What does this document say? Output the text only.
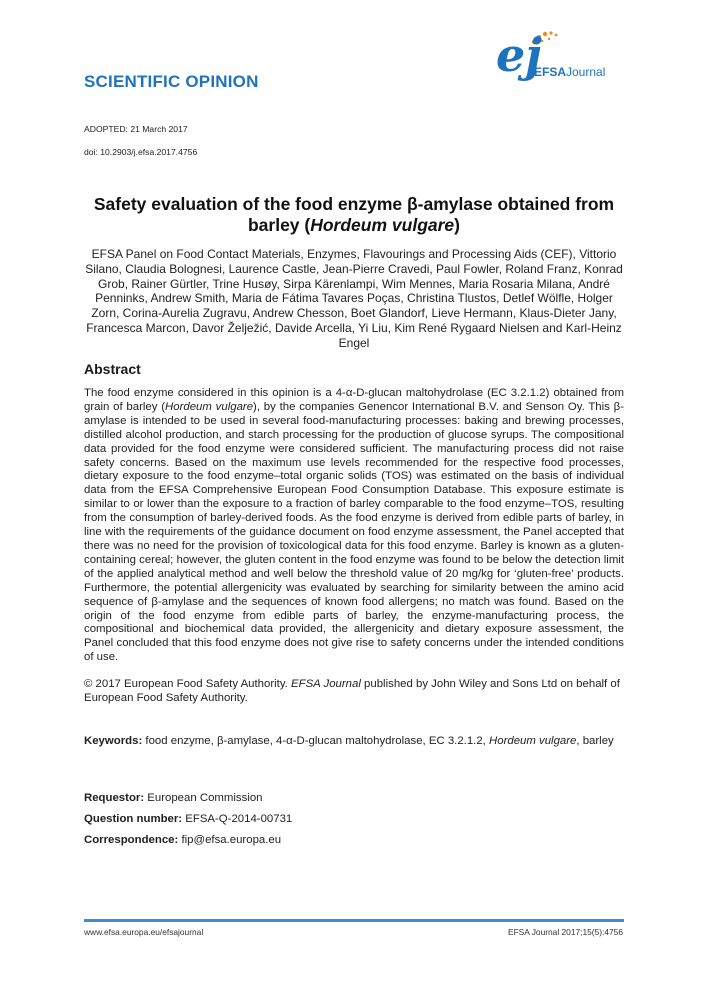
SCIENTIFIC OPINION	ej
EFSA Journal
ADOPTED: 21 March 2017
doi: 10.2903/j.efsa.2017.4756
Safety evaluation of the food enzyme β-amylase obtained from barley (Hordeum vulgare)
EFSA Panel on Food Contact Materials, Enzymes, Flavourings and Processing Aids (CEF), Vittorio Silano, Claudia Bolognesi, Laurence Castle, Jean-Pierre Cravedi, Paul Fowler, Roland Franz, Konrad Grob, Rainer Gürtler, Trine Husøy, Sirpa Kärenlampi, Wim Mennes, Maria Rosaria Milana, André Penninks, Andrew Smith, Maria de Fátima Tavares Poças, Christina Tlustos, Detlef Wölfle, Holger Zorn, Corina-Aurelia Zugravu, Andrew Chesson, Boet Glandorf, Lieve Hermann, Klaus-Dieter Jany, Francesca Marcon, Davor Želježić, Davide Arcella, Yi Liu, Kim René Rygaard Nielsen and Karl-Heinz Engel
Abstract
The food enzyme considered in this opinion is a 4-α-D-glucan maltohydrolase (EC 3.2.1.2) obtained from grain of barley (Hordeum vulgare), by the companies Genencor International B.V. and Senson Oy. This β-amylase is intended to be used in several food-manufacturing processes: baking and brewing processes, distilled alcohol production, and starch processing for the production of glucose syrups. The compositional data provided for the food enzyme were considered sufficient. The manufacturing process did not raise safety concerns. Based on the maximum use levels recommended for the respective food processes, dietary exposure to the food enzyme–total organic solids (TOS) was estimated on the basis of individual data from the EFSA Comprehensive European Food Consumption Database. This exposure estimate is similar to or lower than the exposure to a fraction of barley comparable to the food enzyme–TOS, resulting from the consumption of barley-derived foods. As the food enzyme is derived from edible parts of barley, in line with the requirements of the guidance document on food enzyme assessment, the Panel accepted that there was no need for the provision of toxicological data for this food enzyme. Barley is known as a gluten-containing cereal; however, the gluten content in the food enzyme was found to be below the detection limit of the applied analytical method and well below the threshold value of 20 mg/kg for ‘gluten-free’ products. Furthermore, the potential allergenicity was evaluated by searching for similarity between the amino acid sequence of β-amylase and the sequences of known food allergens; no match was found. Based on the origin of the food enzyme from edible parts of barley, the enzyme-manufacturing process, the compositional and biochemical data provided, the allergenicity and dietary exposure assessment, the Panel concluded that this food enzyme does not give rise to safety concerns under the intended conditions of use.
© 2017 European Food Safety Authority. EFSA Journal published by John Wiley and Sons Ltd on behalf of European Food Safety Authority.
Keywords: food enzyme, β-amylase, 4-α-D-glucan maltohydrolase, EC 3.2.1.2, Hordeum vulgare, barley
Requestor: European Commission
Question number: EFSA-Q-2014-00731
Correspondence: fip@efsa.europa.eu
www.efsa.europa.eu/efsajournal	EFSA Journal 2017;15(5):4756
